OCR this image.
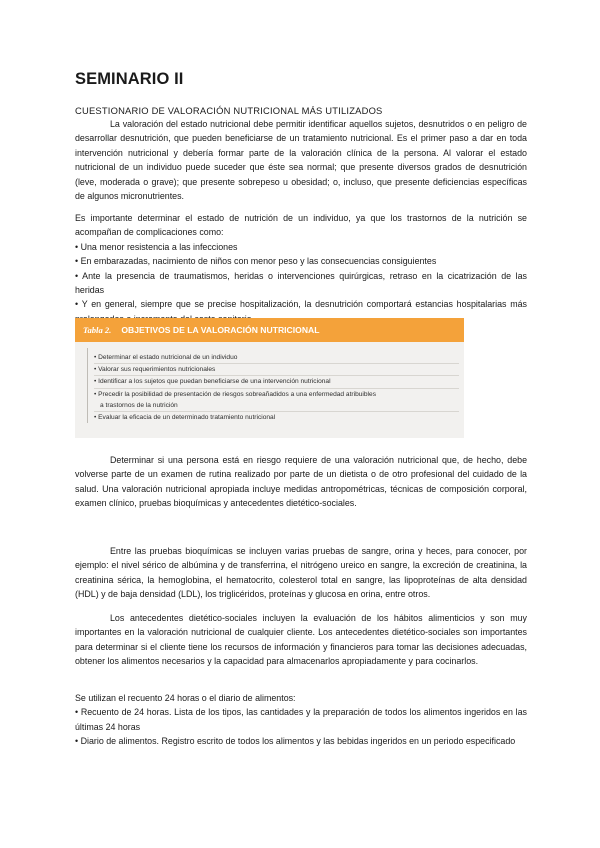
SEMINARIO II

CUESTIONARIO DE VALORACIÓN NUTRICIONAL MÁS UTILIZADOS

La valoración del estado nutricional debe permitir identificar aquellos sujetos, desnutridos o en peligro de desarrollar desnutrición, que pueden beneficiarse de un tratamiento nutricional. Es el primer paso a dar en toda intervención nutricional y debería formar parte de la valoración clínica de la persona. Al valorar el estado nutricional de un individuo puede suceder que éste sea normal; que presente diversos grados de desnutrición (leve, moderada o grave); que presente sobrepeso u obesidad; o, incluso, que presente deficiencias específicas de algunos micronutrientes.

Es importante determinar el estado de nutrición de un individuo, ya que los trastornos de la nutrición se acompañan de complicaciones como:

• Una menor resistencia a las infecciones

• En embarazadas, nacimiento de niños con menor peso y las consecuencias consiguientes

• Ante la presencia de traumatismos, heridas o intervenciones quirúrgicas, retraso en la cicatrización de las heridas

• Y en general, siempre que se precise hospitalización, la desnutrición comportará estancias hospitalarias más

Tabla 2. OBJETIVOS DE LA VALORACIÓN NUTRICIONAL
• Determinar el estado nutricional de un individuo
• Valorar sus requerimientos nutricionales
• Identificar a los sujetos que puedan beneficiarse de una intervención nutricional
• Precedir la posibilidad de presentación de riesgos sobreañadidos a una enfermedad atribuibles
a trastornos de la nutrición
• Evaluar la eficacia de un determinado tratamiento nutricional

Determinar si una persona está en riesgo requiere de una valoración nutricional que, de hecho, debe volverse parte de un examen de rutina realizado por parte de un dietista o de otro profesional del cuidado de la salud. Una valoración nutricional apropiada incluye medidas antropométricas, técnicas de composición corporal, examen clínico, pruebas bioquímicas y antecedentes dietético-sociales.

Entre las pruebas bioquímicas se incluyen varias pruebas de sangre, orina y heces, para conocer, por ejemplo: el nivel sérico de albúmina y de transferrina, el nitrógeno ureico en sangre, la excreción de creatinina, la creatinina sérica, la hemoglobina, el hematocrito, colesterol total en sangre, las lipoproteínas de alta densidad (HDL) y de baja densidad (LDL), los triglicéridos, proteínas y glucosa en orina, entre otros.

Los antecedentes dietético-sociales incluyen la evaluación de los hábitos alimenticios y son muy importantes en la valoración nutricional de cualquier cliente. Los antecedentes dietético-sociales son importantes para determinar si el cliente tiene los recursos de información y financieros para tomar las decisiones adecuadas, obtener los alimentos necesarios y la capacidad para almacenarlos apropiadamente y para cocinarlos.

Se utilizan el recuento 24 horas o el diario de alimentos:

• Recuento de 24 horas. Lista de los tipos, las cantidades y la preparación de todos los alimentos ingeridos en las últimas 24 horas

• Diario de alimentos. Registro escrito de todos los alimentos y las bebidas ingeridos en un periodo especificado
